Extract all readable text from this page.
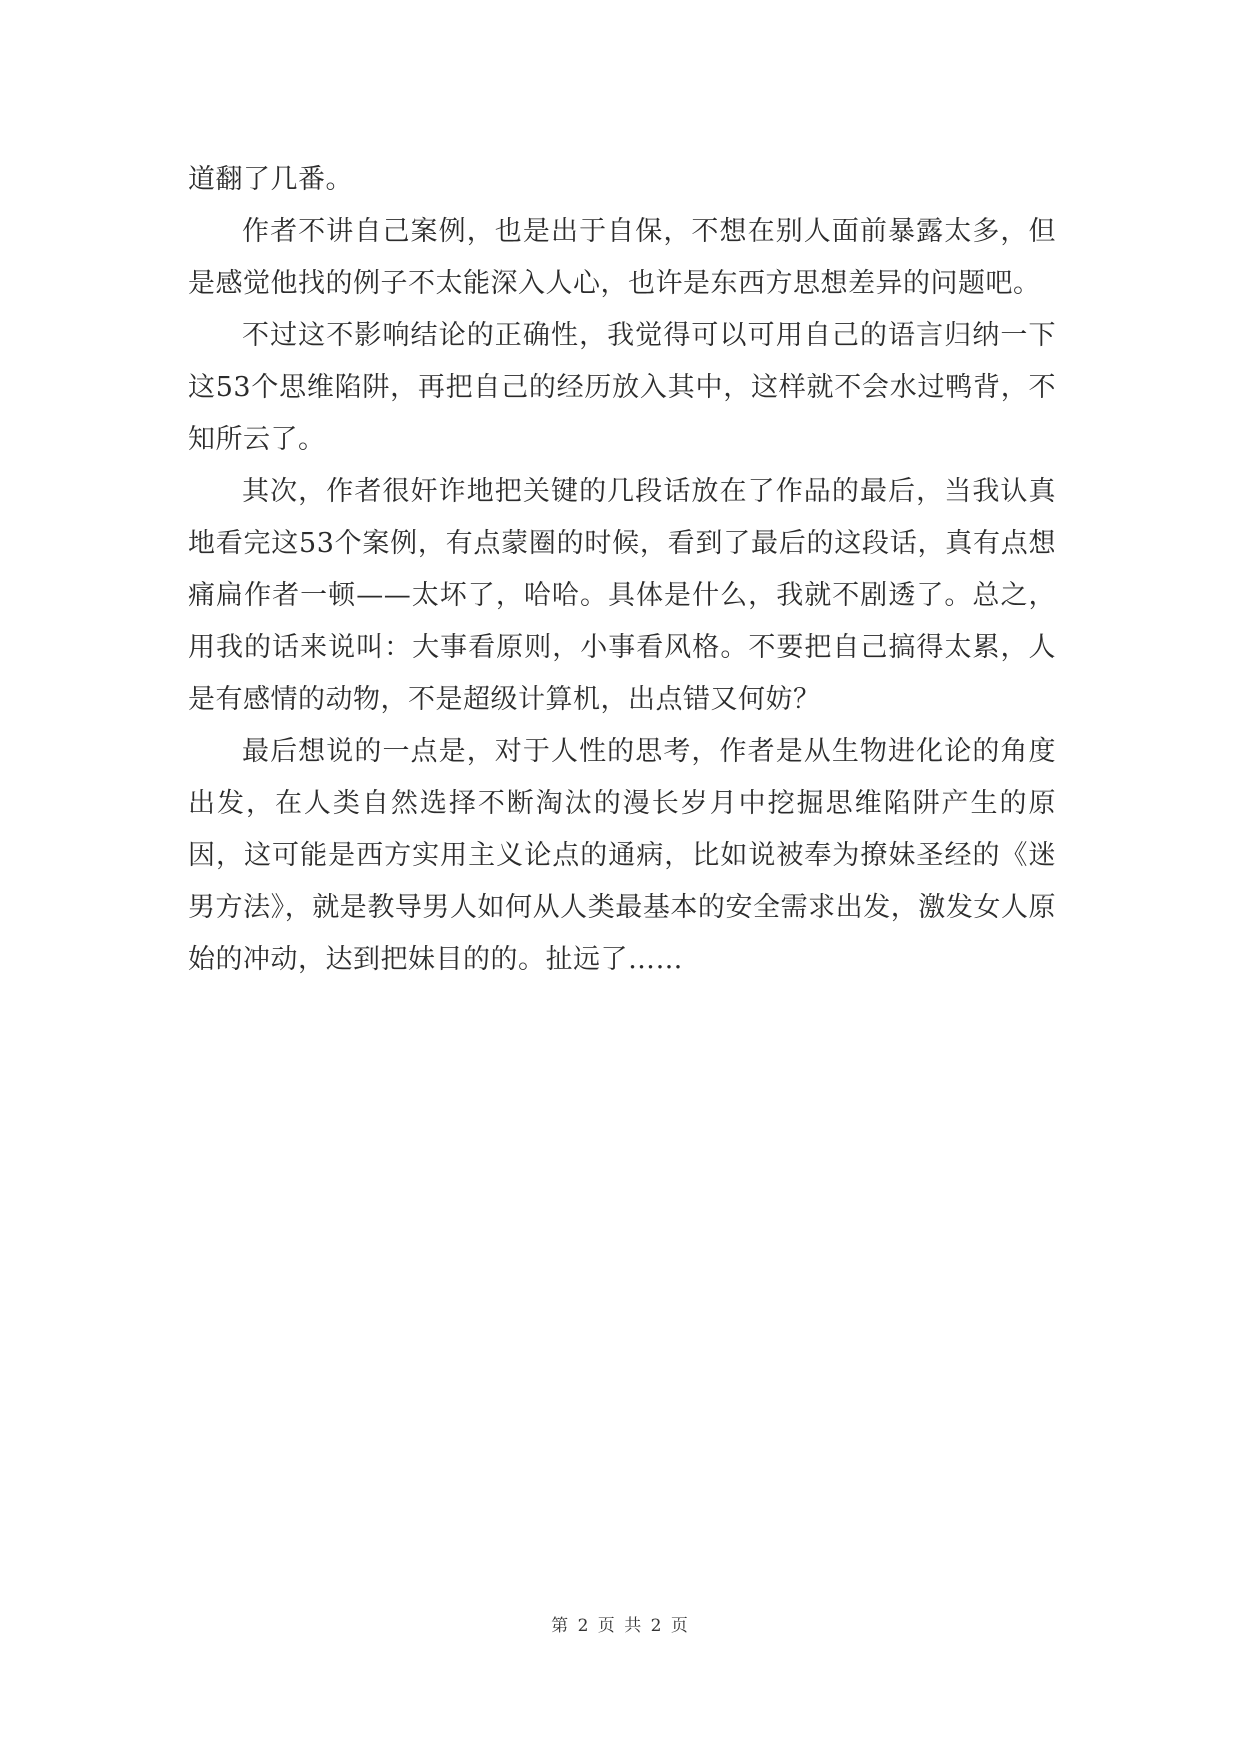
道翻了几番。

作者不讲自己案例，也是出于自保，不想在别人面前暴露太多，但是感觉他找的例子不太能深入人心，也许是东西方思想差异的问题吧。

不过这不影响结论的正确性，我觉得可以可用自己的语言归纳一下这53个思维陷阱，再把自己的经历放入其中，这样就不会水过鸭背，不知所云了。

其次，作者很奸诈地把关键的几段话放在了作品的最后，当我认真地看完这53个案例，有点蒙圈的时候，看到了最后的这段话，真有点想痛扁作者一顿——太坏了，哈哈。具体是什么，我就不剧透了。总之，用我的话来说叫：大事看原则，小事看风格。不要把自己搞得太累，人是有感情的动物，不是超级计算机，出点错又何妨？

最后想说的一点是，对于人性的思考，作者是从生物进化论的角度出发，在人类自然选择不断淘汰的漫长岁月中挖掘思维陷阱产生的原因，这可能是西方实用主义论点的通病，比如说被奉为撩妹圣经的《迷男方法》，就是教导男人如何从人类最基本的安全需求出发，激发女人原始的冲动，达到把妹目的的。扯远了……

第 2 页 共 2 页
